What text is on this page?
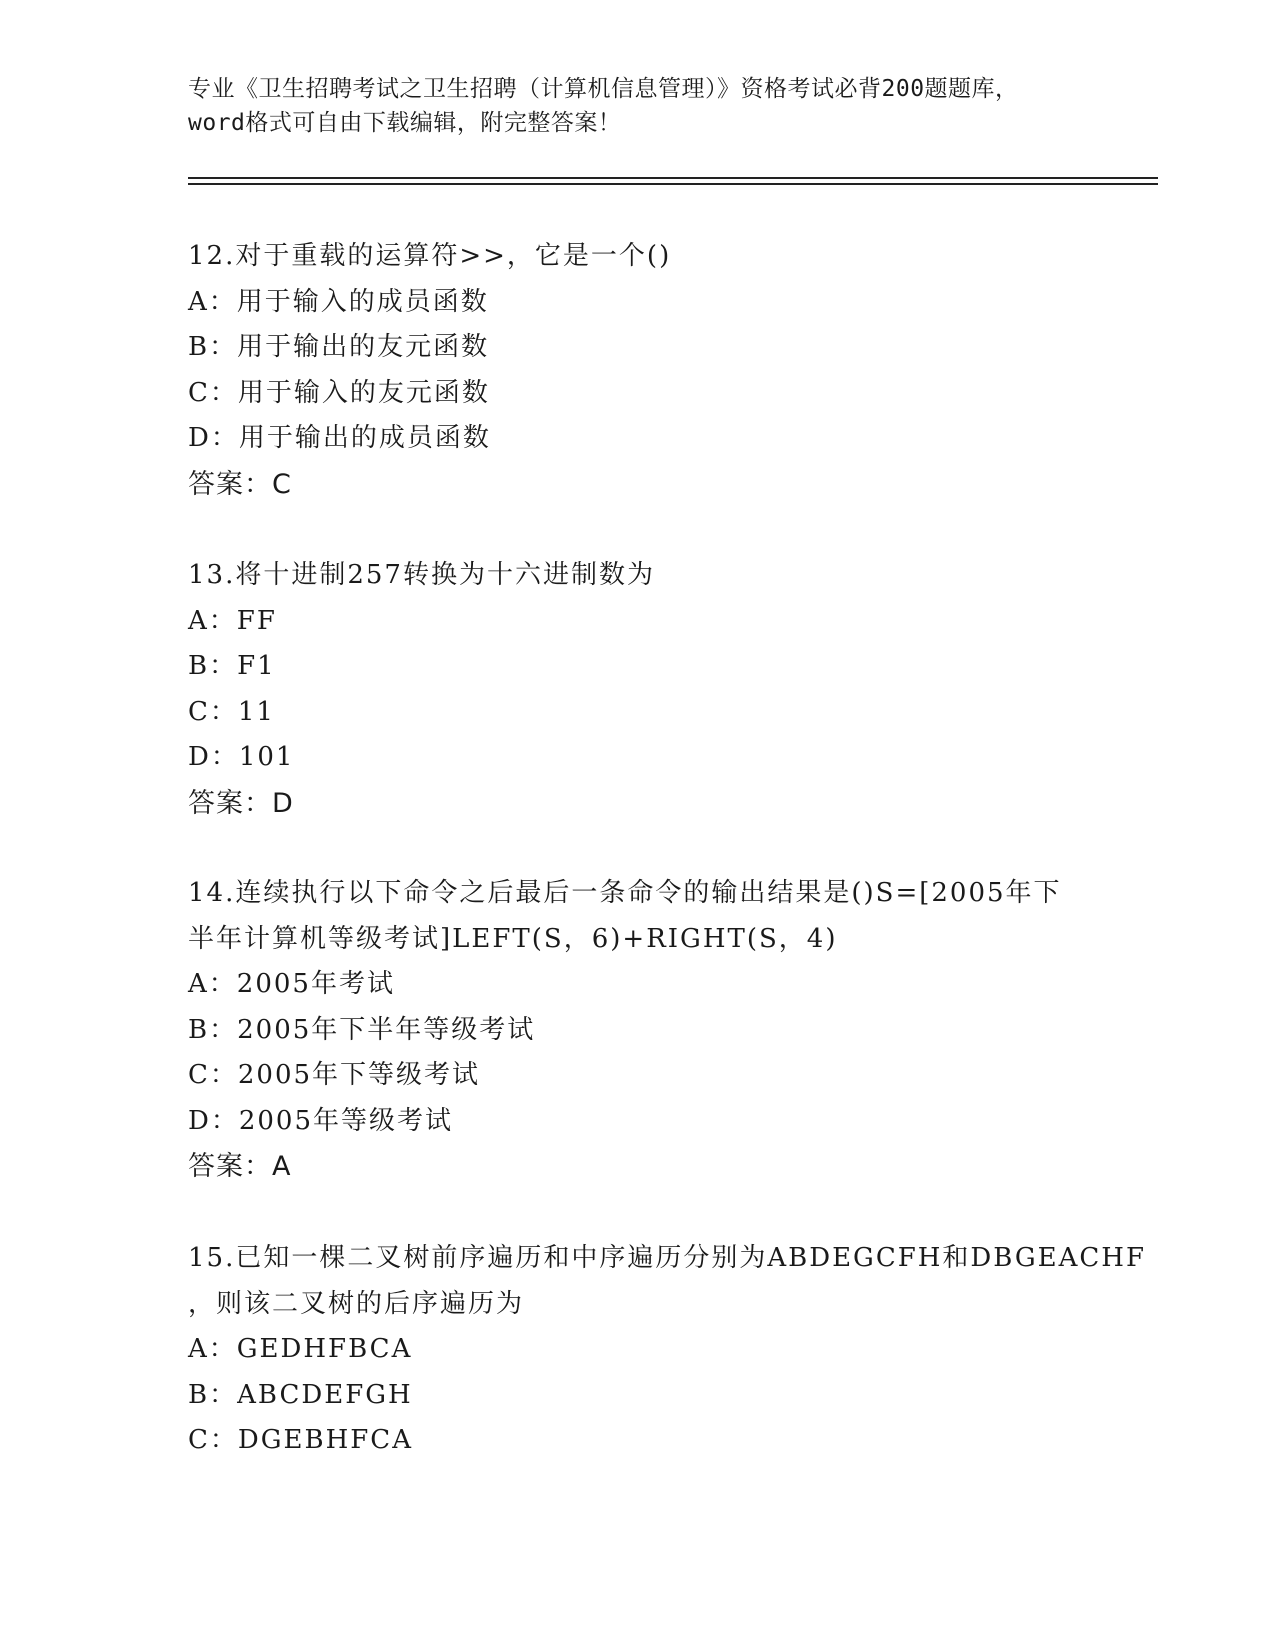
专业《卫生招聘考试之卫生招聘（计算机信息管理）》资格考试必背200题题库，
word格式可自由下载编辑，附完整答案！
12.对于重载的运算符>>，它是一个()
A：用于输入的成员函数
B：用于输出的友元函数
C：用于输入的友元函数
D：用于输出的成员函数
答案：C
13.将十进制257转换为十六进制数为
A：FF
B：F1
C：11
D：101
答案：D
14.连续执行以下命令之后最后一条命令的输出结果是()S=[2005年下
半年计算机等级考试]LEFT(S，6)+RIGHT(S，4)
A：2005年考试
B：2005年下半年等级考试
C：2005年下等级考试
D：2005年等级考试
答案：A
15.已知一棵二叉树前序遍历和中序遍历分别为ABDEGCFH和DBGEACHF
，则该二叉树的后序遍历为
A：GEDHFBCA
B：ABCDEFGH
C：DGEBHFCA
